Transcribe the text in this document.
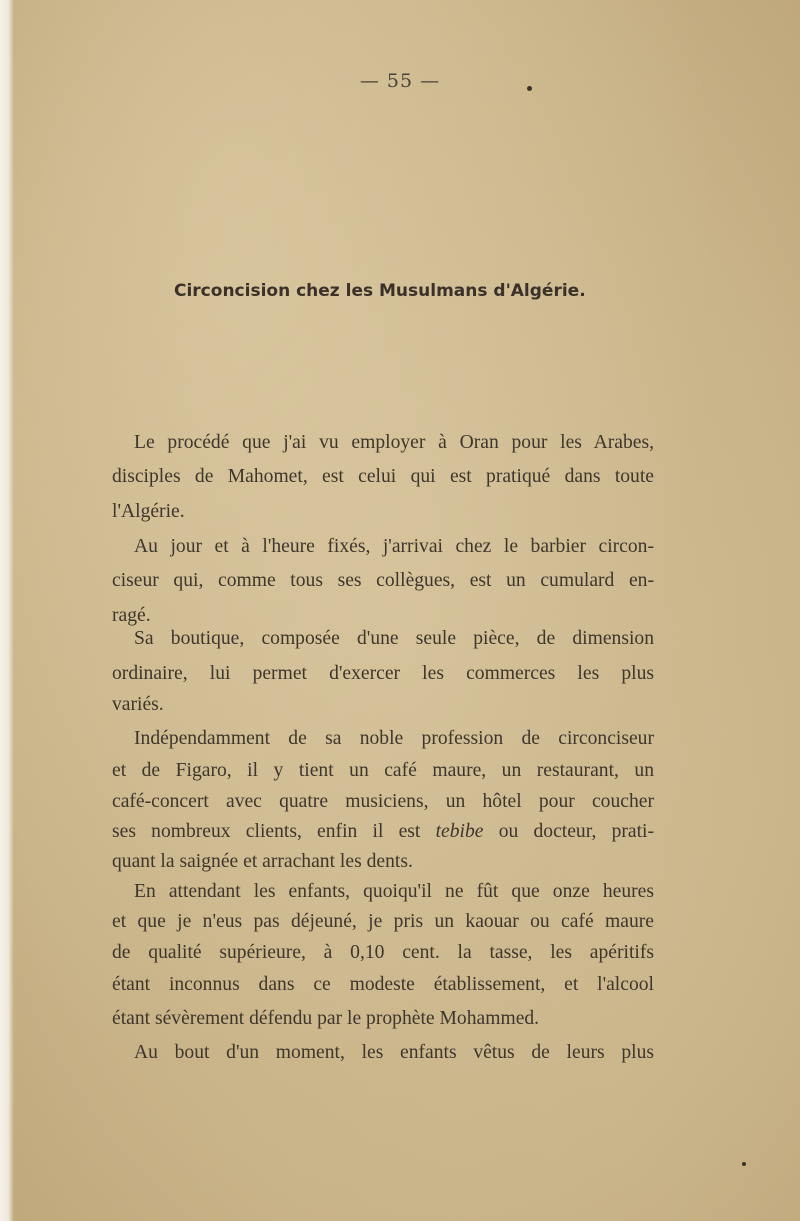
— 55 —
Circoncision chez les Musulmans d'Algérie.
Le procédé que j'ai vu employer à Oran pour les Arabes,
disciples de Mahomet, est celui qui est pratiqué dans toute
l'Algérie.
Au jour et à l'heure fixés, j'arrivai chez le barbier circon-
ciseur qui, comme tous ses collègues, est un cumulard en-
ragé.
Sa boutique, composée d'une seule pièce, de dimension
ordinaire, lui permet d'exercer les commerces les plus
variés.
Indépendamment de sa noble profession de circonciseur
et de Figaro, il y tient un café maure, un restaurant, un
café-concert avec quatre musiciens, un hôtel pour coucher
ses nombreux clients, enfin il est tebibe ou docteur, prati-
quant la saignée et arrachant les dents.
En attendant les enfants, quoiqu'il ne fût que onze heures
et que je n'eus pas déjeuné, je pris un kaouar ou café maure
de qualité supérieure, à 0,10 cent. la tasse, les apéritifs
étant inconnus dans ce modeste établissement, et l'alcool
étant sévèrement défendu par le prophète Mohammed.
Au bout d'un moment, les enfants vêtus de leurs plus
